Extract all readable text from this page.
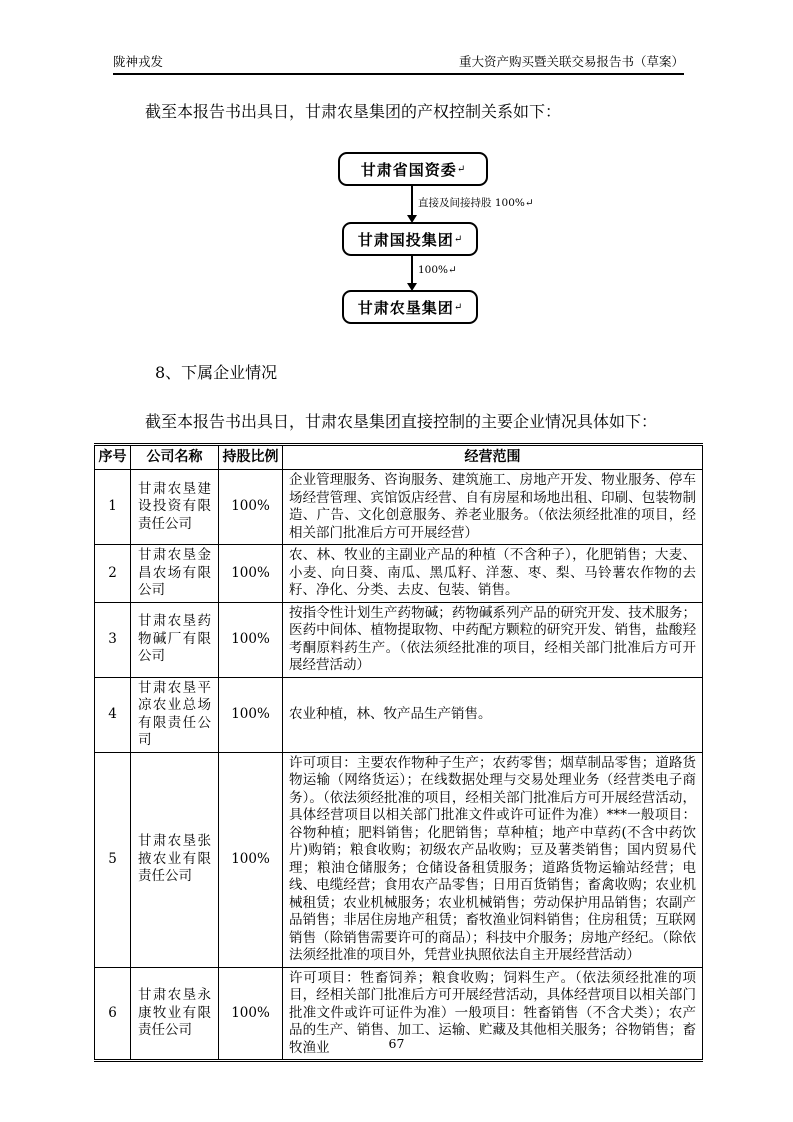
陇神戎发	重大资产购买暨关联交易报告书（草案）

截至本报告书出具日，甘肃农垦集团的产权控制关系如下：

甘肃省国资委 ↵
直接及间接持股 100%↵
甘肃国投集团 ↵
100%↵
甘肃农垦集团 ↵
8、下属企业情况

截至本报告书出具日，甘肃农垦集团直接控制的主要企业情况具体如下：

序号	公司名称	持股比例	经营范围
1	甘肃农垦建设投资有限责任公司	100%	企业管理服务、咨询服务、建筑施工、房地产开发、物业服务、停车场经营管理、宾馆饭店经营、自有房屋和场地出租、印刷、包装物制造、广告、文化创意服务、养老业服务。（依法须经批准的项目，经相关部门批准后方可开展经营）
2	甘肃农垦金昌农场有限公司	100%	农、林、牧业的主副业产品的种植（不含种子），化肥销售；大麦、小麦、向日葵、南瓜、黑瓜籽、洋葱、枣、梨、马铃薯农作物的去籽、净化、分类、去皮、包装、销售。
3	甘肃农垦药物碱厂有限公司	100%	按指令性计划生产药物碱；药物碱系列产品的研究开发、技术服务；医药中间体、植物提取物、中药配方颗粒的研究开发、销售，盐酸羟考酮原料药生产。（依法须经批准的项目，经相关部门批准后方可开展经营活动）
4	甘肃农垦平凉农业总场有限责任公司	100%	农业种植，林、牧产品生产销售。
5	甘肃农垦张掖农业有限责任公司	100%	许可项目：主要农作物种子生产；农药零售；烟草制品零售；道路货物运输（网络货运）；在线数据处理与交易处理业务（经营类电子商务）。（依法须经批准的项目，经相关部门批准后方可开展经营活动，具体经营项目以相关部门批准文件或许可证件为准）***一般项目：谷物种植；肥料销售；化肥销售；草种植；地产中草药(不含中药饮片)购销；粮食收购；初级农产品收购；豆及薯类销售；国内贸易代理；粮油仓储服务；仓储设备租赁服务；道路货物运输站经营；电线、电缆经营；食用农产品零售；日用百货销售；畜禽收购；农业机械租赁；农业机械服务；农业机械销售；劳动保护用品销售；农副产品销售；非居住房地产租赁；畜牧渔业饲料销售；住房租赁；互联网销售（除销售需要许可的商品）；科技中介服务；房地产经纪。（除依法须经批准的项目外，凭营业执照依法自主开展经营活动）
6	甘肃农垦永康牧业有限责任公司	100%	许可项目：牲畜饲养；粮食收购；饲料生产。（依法须经批准的项目，经相关部门批准后方可开展经营活动，具体经营项目以相关部门批准文件或许可证件为准）一般项目：牲畜销售（不含犬类）；农产品的生产、销售、加工、运输、贮藏及其他相关服务；谷物销售；畜牧渔业	67
